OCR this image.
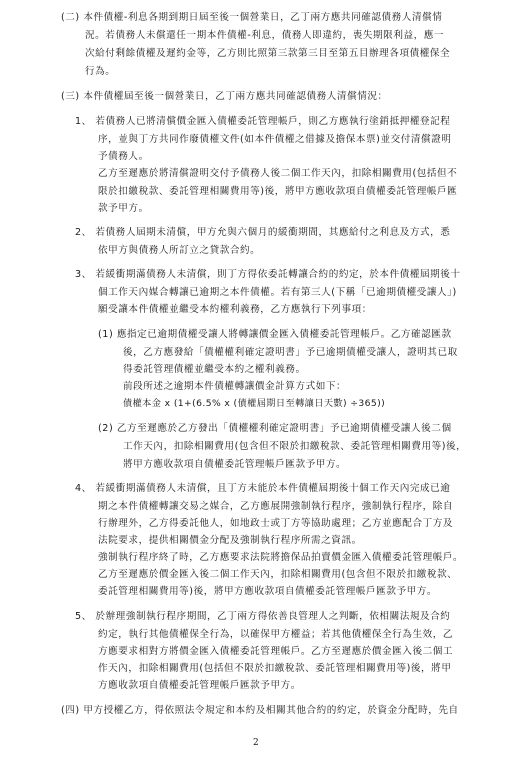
(二) 本件債權-利息各期到期日屆至後一個營業日，乙丁兩方應共同確認債務人清償情
況。若債務人未償還任一期本件債權-利息，債務人即違約，喪失期限利益，應一
次給付剩餘債權及遲約金等，乙方則比照第三款第三目至第五目辦理各項債權保全
行為。
(三) 本件債權屆至後一個營業日，乙丁兩方應共同確認債務人清償情況：
1、 若債務人已將清償價金匯入債權委託管理帳戶，則乙方應執行塗銷抵押權登記程
序，並與丁方共同作廢債權文件(如本件債權之借據及擔保本票)並交付清償證明
予債務人。
乙方至遲應於將清償證明交付予債務人後二個工作天內，扣除相關費用(包括但不
限於扣繳稅款、委託管理相關費用等)後，將甲方應收款項自債權委託管理帳戶匯
款予甲方。
2、 若債務人屆期未清償，甲方允與六個月的緩衝期間，其應給付之利息及方式，悉
依甲方與債務人所訂立之貸款合約。
3、 若緩衝期滿債務人未清償，則丁方得依委託轉讓合約的約定，於本件債權屆期後十
個工作天內媒合轉讓已逾期之本件債權。若有第三人(下稱「已逾期債權受讓人」)
願受讓本件債權並繼受本約權利義務，乙方應執行下列事項：
(1) 應指定已逾期債權受讓人將轉讓價金匯入債權委託管理帳戶。乙方確認匯款
後，乙方應發給「債權權利確定證明書」予已逾期債權受讓人，證明其已取
得委託管理債權並繼受本約之權利義務。
前段所述之逾期本件債權轉讓價金計算方式如下：
債權本金 x (1+(6.5% x (債權屆期日至轉讓日天數) ÷365))
(2) 乙方至遲應於乙方發出「債權權利確定證明書」予已逾期債權受讓人後二個
工作天內，扣除相關費用(包含但不限於扣繳稅款、委託管理相關費用等)後，
將甲方應收款項自債權委託管理帳戶匯款予甲方。
4、 若緩衝期滿債務人未清償，且丁方未能於本件債權屆期後十個工作天內完成已逾
期之本件債權轉讓交易之媒合，乙方應展開強制執行程序，強制執行程序，除自
行辦理外，乙方得委託他人，如地政士或丁方等協助處理；乙方並應配合丁方及
法院要求，提供相關價金分配及強制執行程序所需之資訊。
強制執行程序終了時，乙方應要求法院將擔保品拍賣價金匯入債權委託管理帳戶。
乙方至遲應於價金匯入後二個工作天內，扣除相關費用(包含但不限於扣繳稅款、
委託管理相關費用等)後，將甲方應收款項自債權委託管理帳戶匯款予甲方。
5、 於辦理強制執行程序期間，乙丁兩方得依善良管理人之判斷，依相關法規及合約
約定，執行其他債權保全行為，以確保甲方權益；若其他債權保全行為生效，乙
方應要求相對方將價金匯入債權委託管理帳戶。乙方至遲應於價金匯入後二個工
作天內，扣除相關費用(包括但不限於扣繳稅款、委託管理相關費用等)後，將甲
方應收款項自債權委託管理帳戶匯款予甲方。
(四) 甲方授權乙方，得依照法令規定和本約及相關其他合約的約定，於資金分配時，先自
2
